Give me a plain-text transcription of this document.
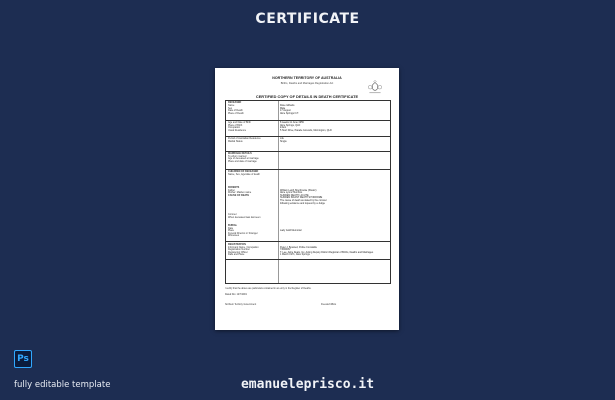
CERTIFICATE
NORTHERN TERRITORY OF AUSTRALIA
Births, Deaths and Marriages Registration Act
CERTIFIED COPY OF DETAILS IN DEATH CERTIFICATE
DECEASED
Name	Rose Gilbarts
Sex	Male
Date of Death	17 August
Place of Death	Alice Springs N.T.
Age and Date of Birth	8 weeks 11 June 1959
Place of Birth	Alice Springs, QLD
Occupation	Infant
Usual Residence	5 Sturt Drive, Parade Grounds, Mornington, QLD
Period of Australian Residence	Life
Marital Status	Single
MARRIAGE DETAILS
To whom married
Age of deceased at marriage
Place and date of marriage
CHILDREN OF DECEASED
Name, Sex, Age/date of death
PARENTS
Father	William Leigh Sherbrooke (Pastor)
Mother: Maiden name	Alice Lynne Hutchins
CAUSE OF DEATH	SUDDEN DEATH / ACUTE
SUDDEN INFANT DEATH SYNDROME
The cause of death as stated by the coroner
following evidence and inquest by a Judge
Coroner
When deceased was last seen
BURIAL
Date
Place	Lady Gold Memorial
Funeral Director or Stranger
Witnesses
REGISTRATION
Informant Name, Occupation	Peter J. Bousted, Police Constable
Registration Number	73690067
Registering Officer	T. Lee, Ashe Deals, Inc. Acting Deputy District Registrar of Births, Deaths and Marriages
Date and Place	1 March 1971, Alice Springs
I certify that the above are particulars contained in an entry in the Register of Deaths.
Dated this: 12/7/2019
Northern Territory Government	Freesia Killfors
Ps
fully editable template	emanueleprisco.it
